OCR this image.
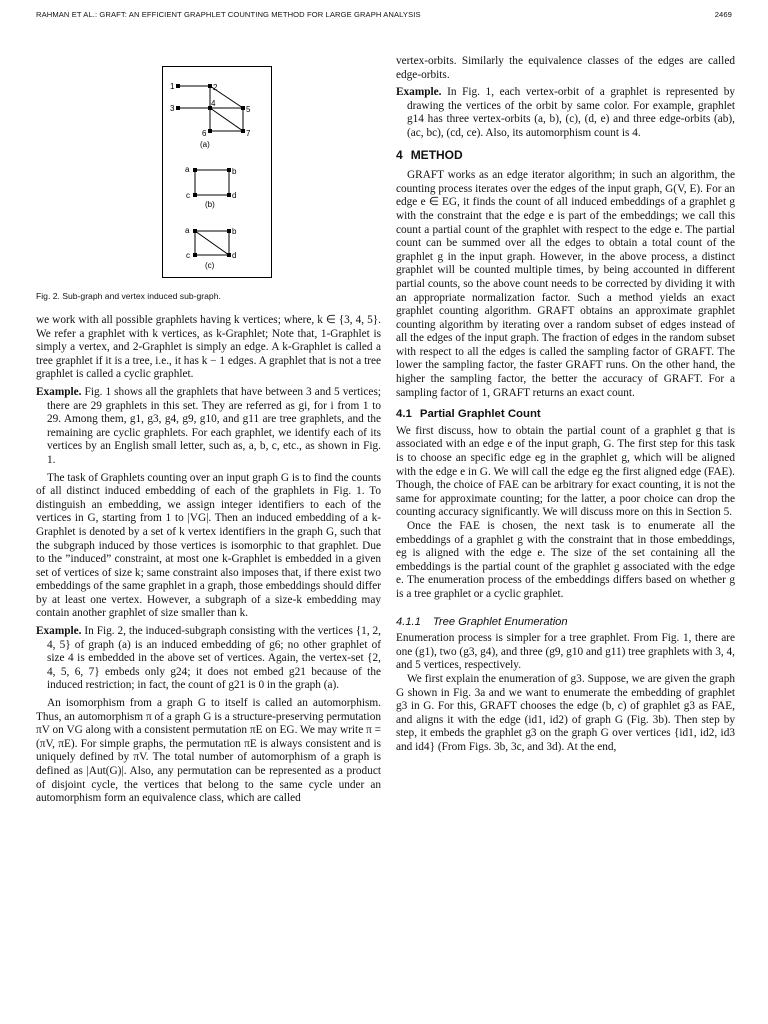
RAHMAN ET AL.: GRAFT: AN EFFICIENT GRAPHLET COUNTING METHOD FOR LARGE GRAPH ANALYSIS	2469
1	2
3
4
5
6	7
(a)
a	b
c	d
(b)
a	b
c	d
(c)
Fig. 2. Sub-graph and vertex induced sub-graph.

we work with all possible graphlets having k vertices; where, k ∈ {3, 4, 5}. We refer a graphlet with k vertices, as k-Graphlet; Note that, 1-Graphlet is simply a vertex, and 2-Graphlet is simply an edge. A k-Graphlet is called a tree graphlet if it is a tree, i.e., it has k − 1 edges. A graphlet that is not a tree graphlet is called a cyclic graphlet.

Example. Fig. 1 shows all the graphlets that have between 3 and 5 vertices; there are 29 graphlets in this set. They are referred as gi, for i from 1 to 29. Among them, g1, g3, g4, g9, g10, and g11 are tree graphlets, and the remaining are cyclic graphlets. For each graphlet, we identify each of its vertices by an English small letter, such as, a, b, c, etc., as shown in Fig. 1.

The task of Graphlets counting over an input graph G is to find the counts of all distinct induced embedding of each of the graphlets in Fig. 1. To distinguish an embedding, we assign integer identifiers to each of the vertices in G, starting from 1 to |VG|. Then an induced embedding of a k-Graphlet is denoted by a set of k vertex identifiers in the graph G, such that the subgraph induced by those vertices is isomorphic to that graphlet. Due to the ”induced” constraint, at most one k-Graphlet is embedded in a given set of vertices of size k; same constraint also imposes that, if there exist two embeddings of the same graphlet in a graph, those embeddings should differ by at least one vertex. However, a subgraph of a size-k embedding may contain another graphlet of size smaller than k.

Example. In Fig. 2, the induced-subgraph consisting with the vertices {1, 2, 4, 5} of graph (a) is an induced embedding of g6; no other graphlet of size 4 is embedded in the above set of vertices. Again, the vertex-set {2, 4, 5, 6, 7} embeds only g24; it does not embed g21 because of the induced restriction; in fact, the count of g21 is 0 in the graph (a).

An isomorphism from a graph G to itself is called an automorphism. Thus, an automorphism π of a graph G is a structure-preserving permutation πV on VG along with a consistent permutation πE on EG. We may write π = (πV, πE). For simple graphs, the permutation πE is always consistent and is uniquely defined by πV. The total number of automorphism of a graph is defined as |Aut(G)|. Also, any permutation can be represented as a product of disjoint cycle, the vertices that belong to the same cycle under an automorphism form an equivalence class, which are called

vertex-orbits. Similarly the equivalence classes of the edges are called edge-orbits.

Example. In Fig. 1, each vertex-orbit of a graphlet is represented by drawing the vertices of the orbit by same color. For example, graphlet g14 has three vertex-orbits (a, b), (c), (d, e) and three edge-orbits (ab), (ac, bc), (cd, ce). Also, its automorphism count is 4.

4 METHOD

GRAFT works as an edge iterator algorithm; in such an algorithm, the counting process iterates over the edges of the input graph, G(V, E). For an edge e ∈ EG, it finds the count of all induced embeddings of a graphlet g with the constraint that the edge e is part of the embeddings; we call this count a partial count of the graphlet with respect to the edge e. The partial count can be summed over all the edges to obtain a total count of the graphlet g in the input graph. However, in the above process, a distinct graphlet will be counted multiple times, by being accounted in different partial counts, so the above count needs to be corrected by dividing it with an appropriate normalization factor. Such a method yields an exact graphlet counting algorithm. GRAFT obtains an approximate graphlet counting algorithm by iterating over a random subset of edges instead of all the edges of the input graph. The fraction of edges in the random subset with respect to all the edges is called the sampling factor of GRAFT. The lower the sampling factor, the faster GRAFT runs. On the other hand, the higher the sampling factor, the better the accuracy of GRAFT. For a sampling factor of 1, GRAFT returns an exact count.

4.1 Partial Graphlet Count

We first discuss, how to obtain the partial count of a graphlet g that is associated with an edge e of the input graph, G. The first step for this task is to choose an specific edge eg in the graphlet g, which will be aligned with the edge e in G. We will call the edge eg the first aligned edge (FAE). Though, the choice of FAE can be arbitrary for exact counting, it is not the same for approximate counting; for the latter, a poor choice can drop the counting accuracy significantly. We will discuss more on this in Section 5.

Once the FAE is chosen, the next task is to enumerate all the embeddings of a graphlet g with the constraint that in those embeddings, eg is aligned with the edge e. The size of the set containing all the embeddings is the partial count of the graphlet g associated with the edge e. The enumeration process of the embeddings differs based on whether g is a tree graphlet or a cyclic graphlet.

4.1.1 Tree Graphlet Enumeration

Enumeration process is simpler for a tree graphlet. From Fig. 1, there are one (g1), two (g3, g4), and three (g9, g10 and g11) tree graphlets with 3, 4, and 5 vertices, respectively.

We first explain the enumeration of g3. Suppose, we are given the graph G shown in Fig. 3a and we want to enumerate the embedding of graphlet g3 in G. For this, GRAFT chooses the edge (b, c) of graphlet g3 as FAE, and aligns it with the edge (id1, id2) of graph G (Fig. 3b). Then step by step, it embeds the graphlet g3 on the graph G over vertices {id1, id2, id3 and id4} (From Figs. 3b, 3c, and 3d). At the end,
